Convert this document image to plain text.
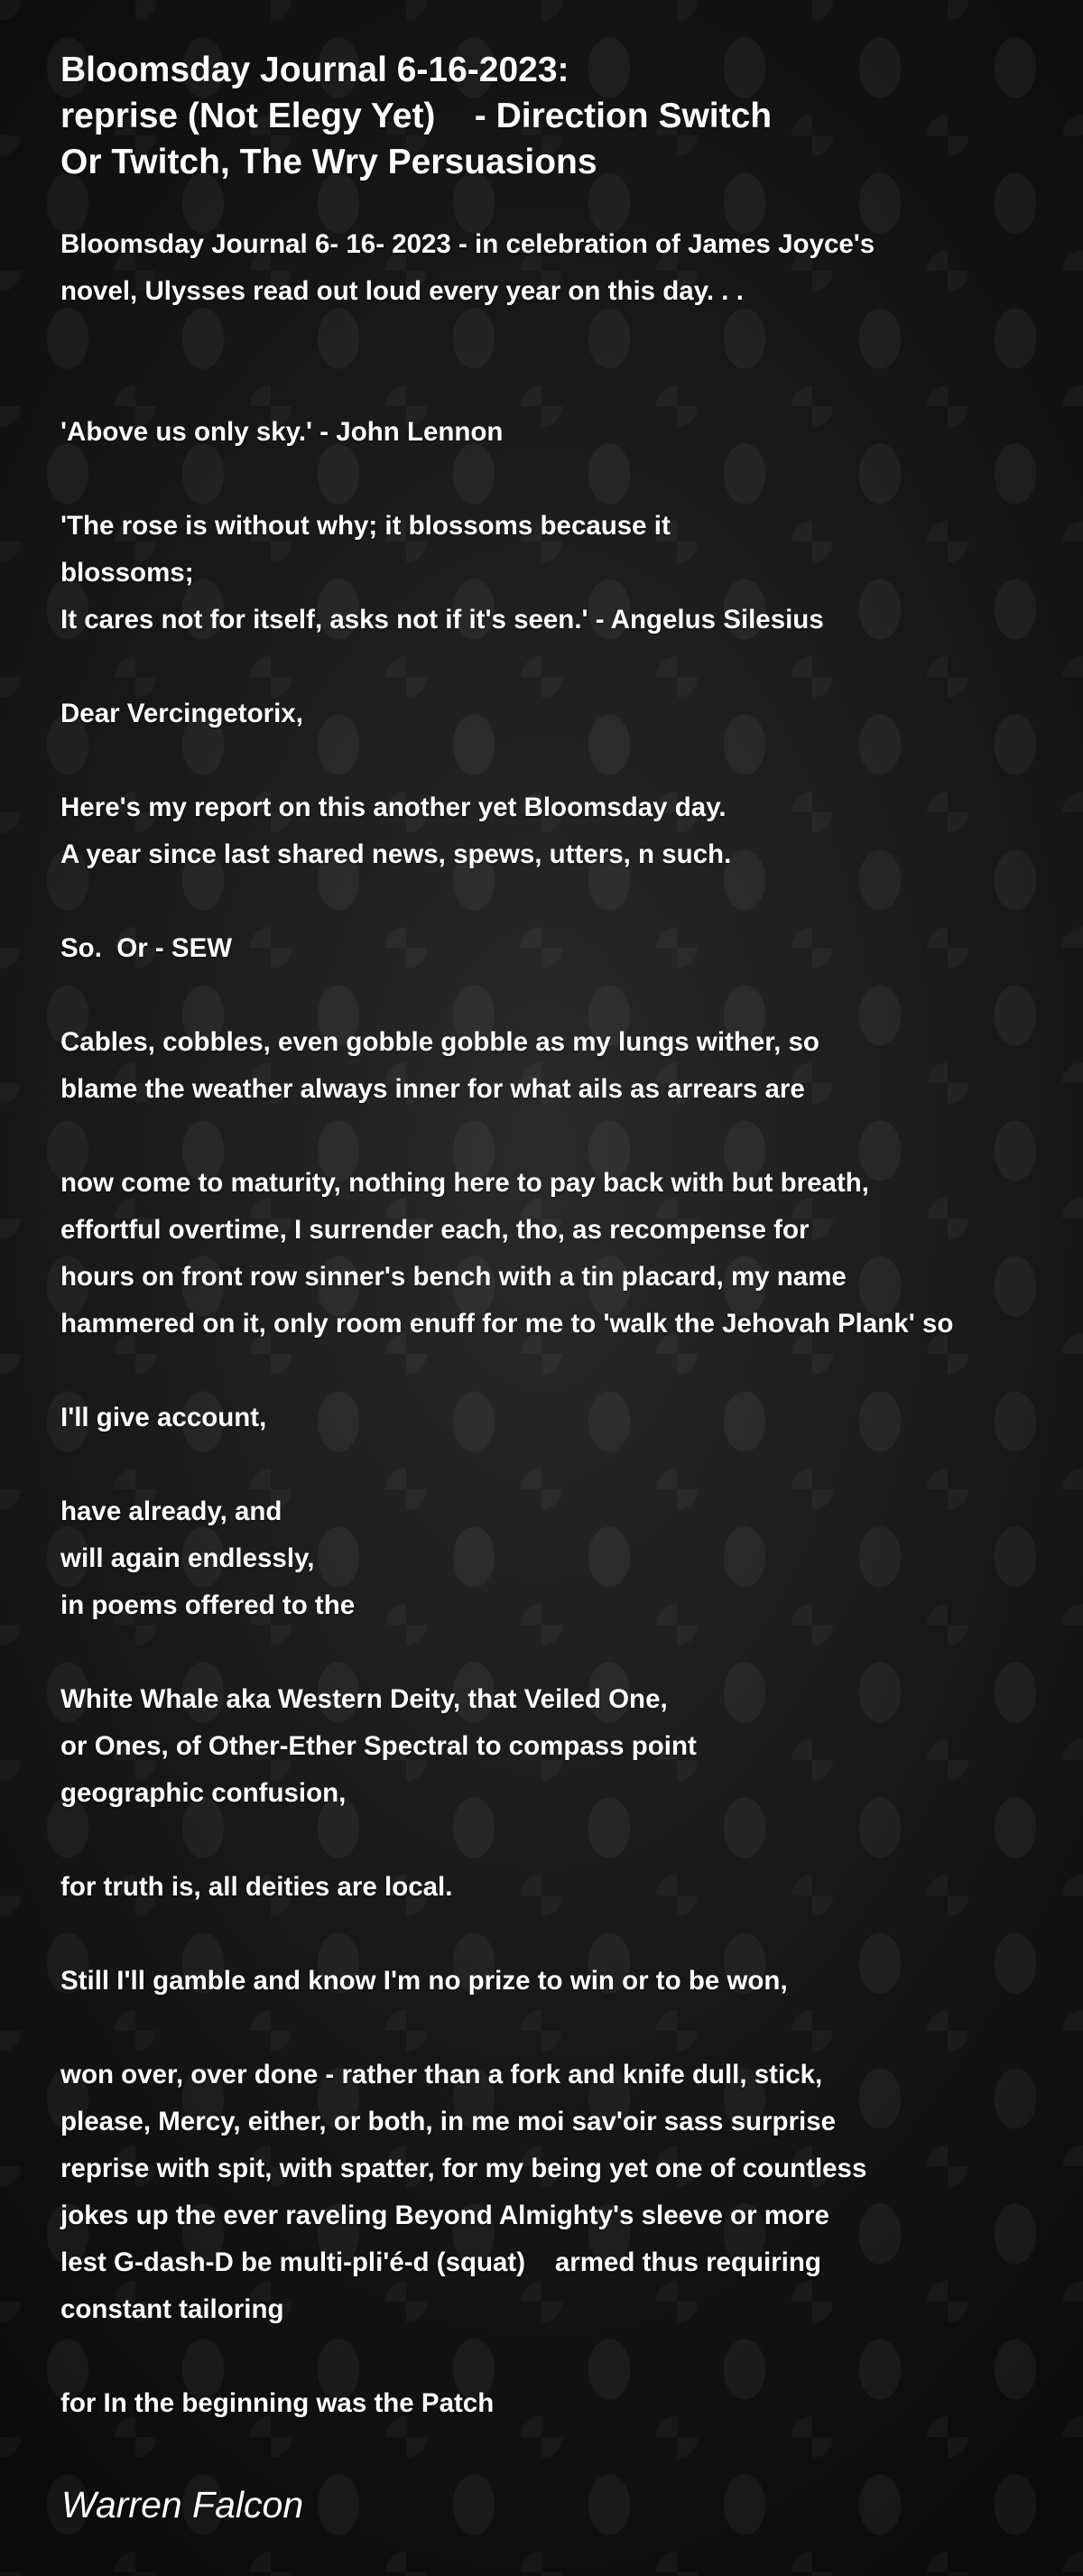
Bloomsday Journal 6-16-2023:
reprise (Not Elegy Yet)    - Direction Switch
Or Twitch, The Wry Persuasions
Bloomsday Journal 6- 16- 2023 - in celebration of James Joyce's
novel, Ulysses read out loud every year on this day. . .
'Above us only sky.' - John Lennon
'The rose is without why; it blossoms because it
blossoms;
It cares not for itself, asks not if it's seen.' - Angelus Silesius
Dear Vercingetorix,
Here's my report on this another yet Bloomsday day.
A year since last shared news, spews, utters, n such.
So.  Or - SEW
Cables, cobbles, even gobble gobble as my lungs wither, so
blame the weather always inner for what ails as arrears are
now come to maturity, nothing here to pay back with but breath,
effortful overtime, I surrender each, tho, as recompense for
hours on front row sinner's bench with a tin placard, my name
hammered on it, only room enuff for me to 'walk the Jehovah Plank' so
I'll give account,
have already, and
will again endlessly,
in poems offered to the
White Whale aka Western Deity, that Veiled One,
or Ones, of Other-Ether Spectral to compass point
geographic confusion,
for truth is, all deities are local.
Still I'll gamble and know I'm no prize to win or to be won,
won over, over done - rather than a fork and knife dull, stick,
please, Mercy, either, or both, in me moi sav'oir sass surprise
reprise with spit, with spatter, for my being yet one of countless
jokes up the ever raveling Beyond Almighty's sleeve or more
lest G-dash-D be multi-pli'é-d (squat)    armed thus requiring
constant tailoring
for In the beginning was the Patch
Warren Falcon
